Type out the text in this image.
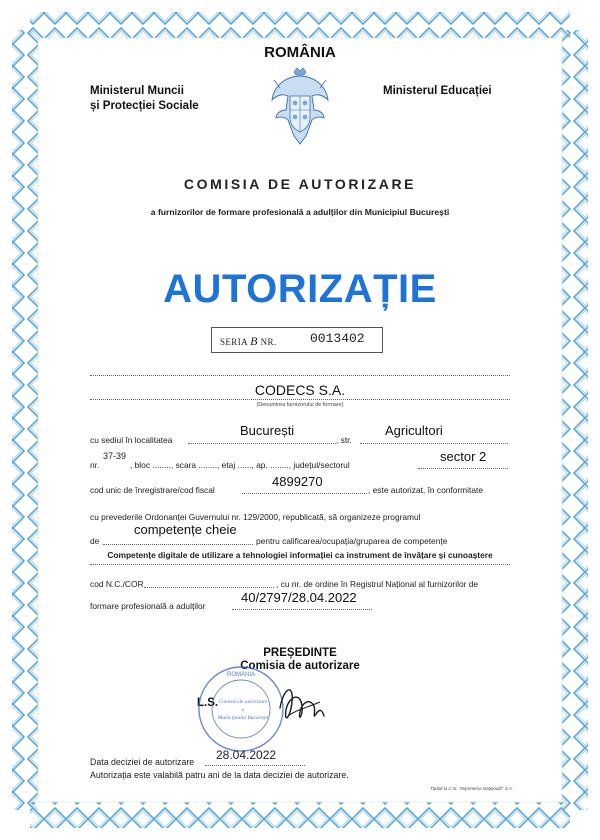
ROMÂNIA
Ministerul Muncii
și Protecției Sociale
Ministerul Educației
COMISIA DE AUTORIZARE
a furnizorilor de formare profesională a adulților din Municipiul București
AUTORIZAȚIE
SERIA B NR.	0013402
CODECS S.A.
(Denumirea furnizorului de formare)
cu sediul în localitatea
București
, str.
Agricultori
nr.
37-39
, bloc ........, scara ........, etaj ......, ap. ........, județul/sectorul
sector 2
cod unic de înregistrare/cod fiscal
4899270
, este autorizat, în conformitate
cu prevederile Ordonanței Guvernului nr. 129/2000, republicată, să organizeze programul
de
competențe cheie
pentru calificarea/ocupația/gruparea de competențe
Competențe digitale de utilizare a tehnologiei informației ca instrument de învățare și cunoaștere
cod N.C./COR	, cu nr. de ordine în Registrul Național al furnizorilor de
formare profesională a adulților
40/2797/28.04.2022
PREȘEDINTE
Comisia de autorizare
L.S.
ROMÂNIA
Comisia de autorizare
a
Municipiului București
Data deciziei de autorizare 28.04.2022
Autorizația este valabilă patru ani de la data deciziei de autorizare.
Tipărit la C.N. "Imprimeria Națională" S.A.
